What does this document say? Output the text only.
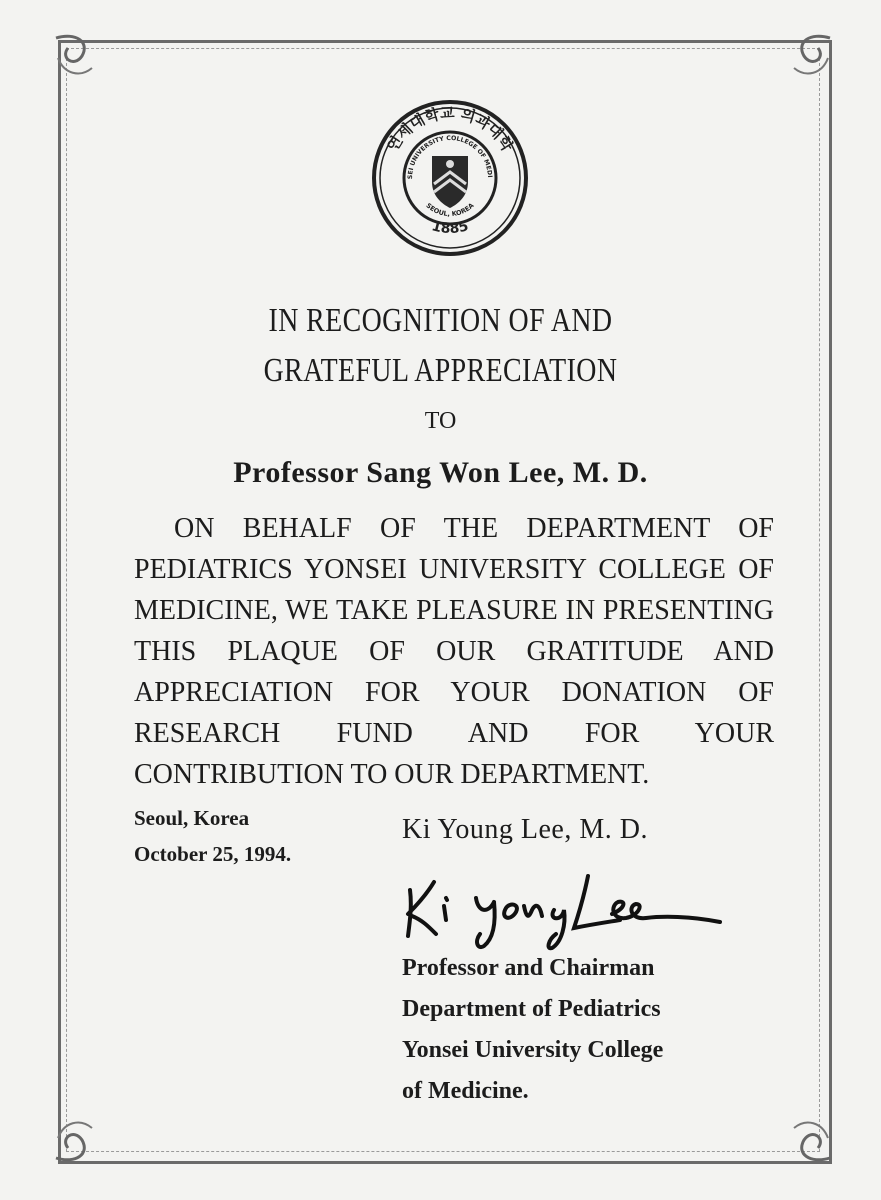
연세대학교 의과대학
SEI UNIVERSITY COLLEGE OF MEDI
SEOUL, KOREA
1885
IN RECOGNITION OF AND
GRATEFUL APPRECIATION
TO
Professor Sang Won Lee, M. D.

ON BEHALF OF THE DEPARTMENT OF PEDIATRICS YONSEI UNIVERSITY COLLEGE OF MEDICINE, WE TAKE PLEASURE IN PRESENTING THIS PLAQUE OF OUR GRATITUDE AND APPRECIATION FOR YOUR DONATION OF RESEARCH FUND AND FOR YOUR CONTRIBUTION TO OUR DEPARTMENT.

Seoul, Korea
October 25, 1994.
Ki Young Lee, M. D.
Professor and Chairman
Department of Pediatrics
Yonsei University College
of Medicine.
